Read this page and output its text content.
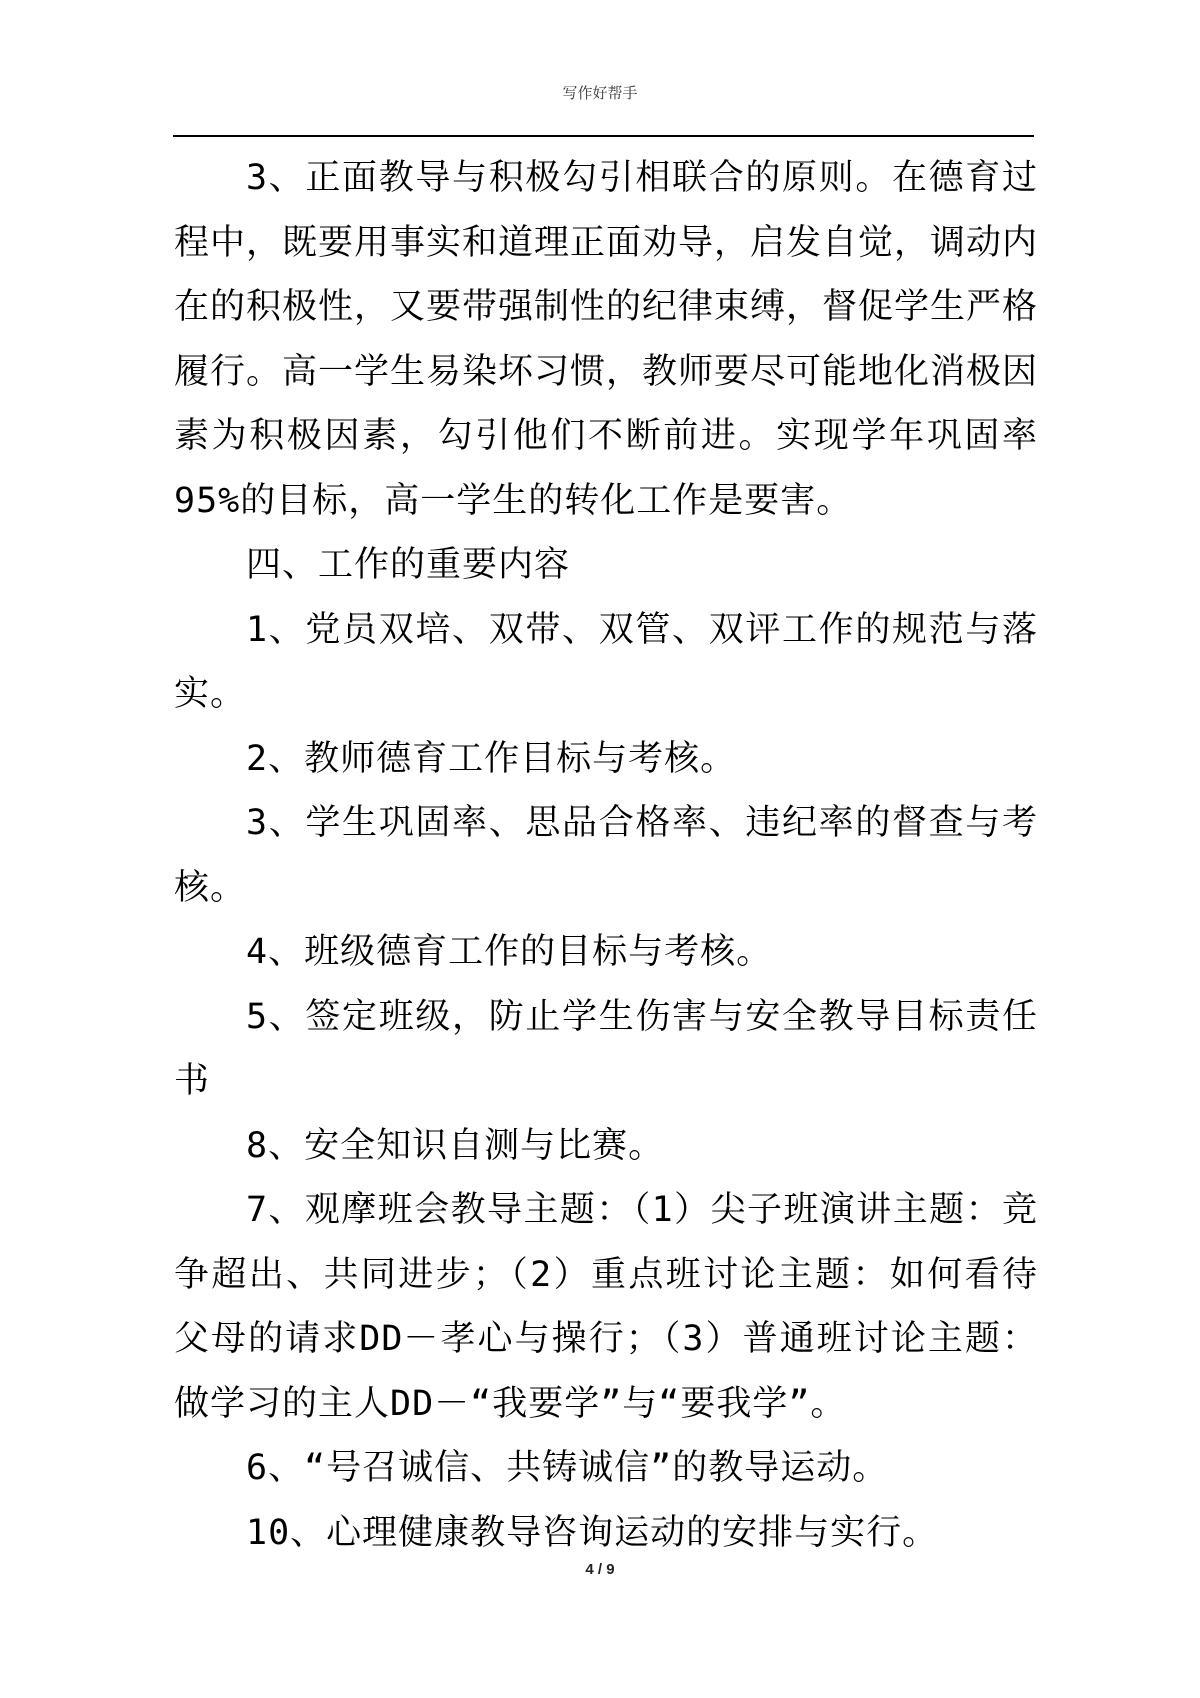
写作好帮手

3、正面教导与积极勾引相联合的原则。在德育过程中，既要用事实和道理正面劝导，启发自觉，调动内在的积极性，又要带强制性的纪律束缚，督促学生严格履行。高一学生易染坏习惯，教师要尽可能地化消极因素为积极因素，勾引他们不断前进。实现学年巩固率95%的目标，高一学生的转化工作是要害。

四、工作的重要内容

1、党员双培、双带、双管、双评工作的规范与落实。

2、教师德育工作目标与考核。

3、学生巩固率、思品合格率、违纪率的督查与考核。

4、班级德育工作的目标与考核。

5、签定班级，防止学生伤害与安全教导目标责任书

8、安全知识自测与比赛。

7、观摩班会教导主题：（1）尖子班演讲主题：竞争超出、共同进步；（2）重点班讨论主题：如何看待父母的请求DD－孝心与操行；（3）普通班讨论主题：做学习的主人DD－“我要学”与“要我学”。

6、“号召诚信、共铸诚信”的教导运动。

10、心理健康教导咨询运动的安排与实行。

4 / 9
